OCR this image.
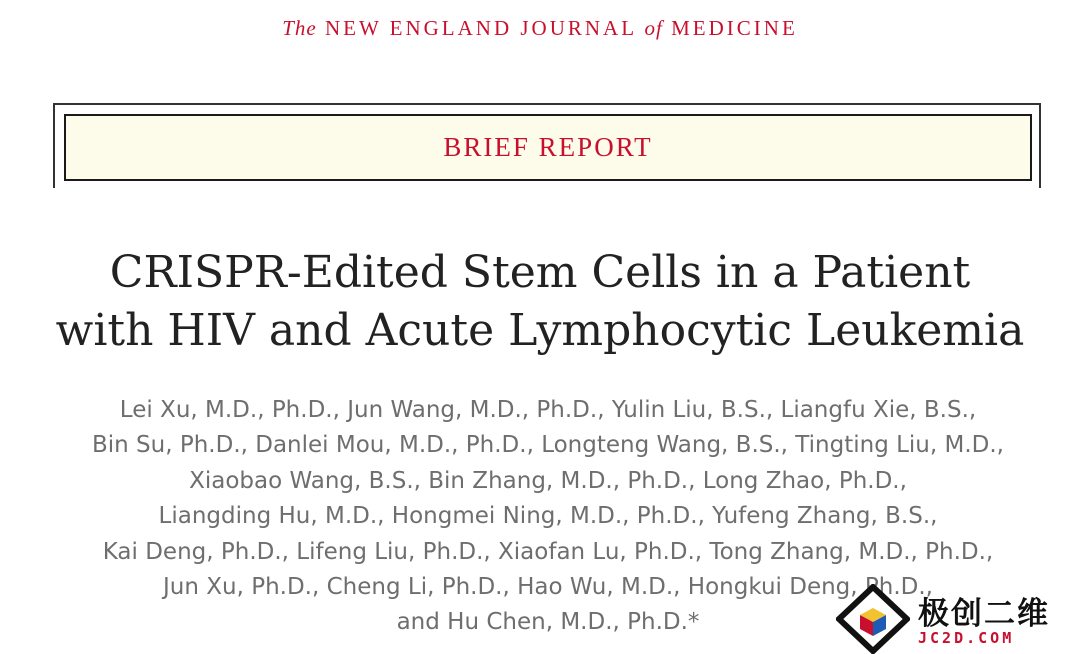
The NEW ENGLAND JOURNAL of MEDICINE
BRIEF REPORT
CRISPR-Edited Stem Cells in a Patient
with HIV and Acute Lymphocytic Leukemia
Lei Xu, M.D., Ph.D., Jun Wang, M.D., Ph.D., Yulin Liu, B.S., Liangfu Xie, B.S.,
Bin Su, Ph.D., Danlei Mou, M.D., Ph.D., Longteng Wang, B.S., Tingting Liu, M.D.,
Xiaobao Wang, B.S., Bin Zhang, M.D., Ph.D., Long Zhao, Ph.D.,
Liangding Hu, M.D., Hongmei Ning, M.D., Ph.D., Yufeng Zhang, B.S.,
Kai Deng, Ph.D., Lifeng Liu, Ph.D., Xiaofan Lu, Ph.D., Tong Zhang, M.D., Ph.D.,
Jun Xu, Ph.D., Cheng Li, Ph.D., Hao Wu, M.D., Hongkui Deng, Ph.D.,
and Hu Chen, M.D., Ph.D.*	极创二维
JC2D.COM
